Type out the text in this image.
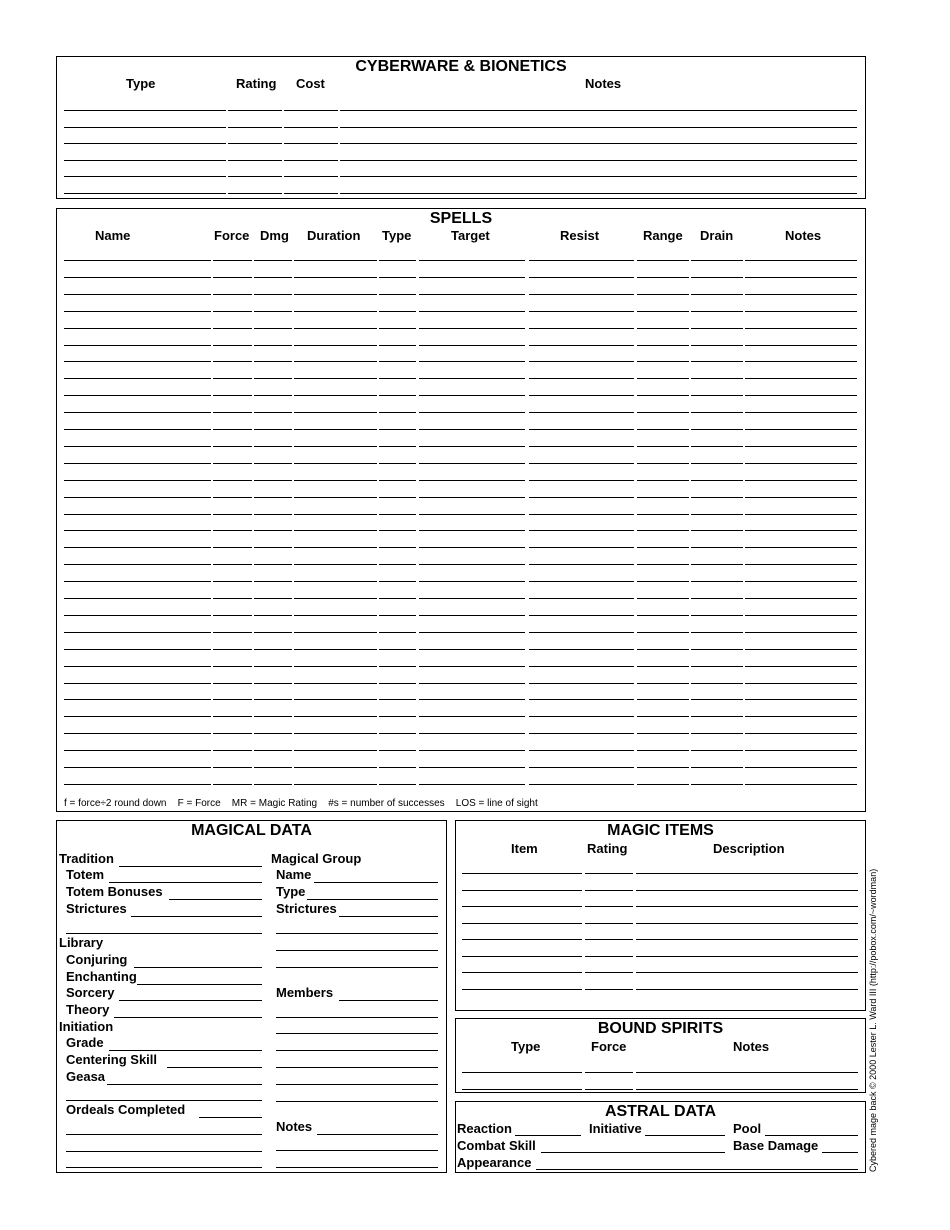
CYBERWARE & BIONETICS
Type	Rating Cost	Notes
SPELLS
Name	Force Dmg Duration Type	Target	Resist	Range Drain	Notes
f = force÷2 round down    F = Force    MR = Magic Rating    #s = number of successes    LOS = line of sight
MAGICAL DATA
Tradition
Totem
Totem Bonuses
Strictures
Library
Conjuring
Enchanting
Sorcery
Theory
Initiation
Grade
Centering Skill
Geasa
Ordeals Completed
Magical Group
Name
Type
Strictures
Members
Notes
MAGIC ITEMS
Item	Rating	Description
BOUND SPIRITS
Type	Force	Notes
ASTRAL DATA
Reaction	Initiative	Pool
Combat Skill	Base Damage
Appearance	Cybered mage back © 2000 Lester L. Ward III (http://pobox.com/~wordman)
